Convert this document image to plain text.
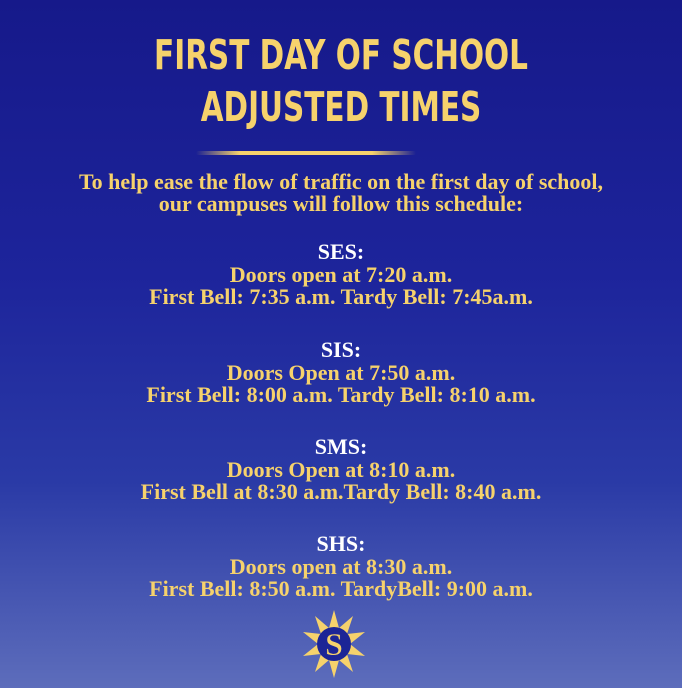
FIRST DAY OF SCHOOL
ADJUSTED TIMES
To help ease the flow of traffic on the first day of school,
our campuses will follow this schedule:
SES:
Doors open at 7:20 a.m.
First Bell: 7:35 a.m. Tardy Bell: 7:45a.m.
SIS:
Doors Open at 7:50 a.m.
First Bell: 8:00 a.m. Tardy Bell: 8:10 a.m.
SMS:
Doors Open at 8:10 a.m.
First Bell at 8:30 a.m.Tardy Bell: 8:40 a.m.
SHS:
Doors open at 8:30 a.m.
First Bell: 8:50 a.m. TardyBell: 9:00 a.m.
S
